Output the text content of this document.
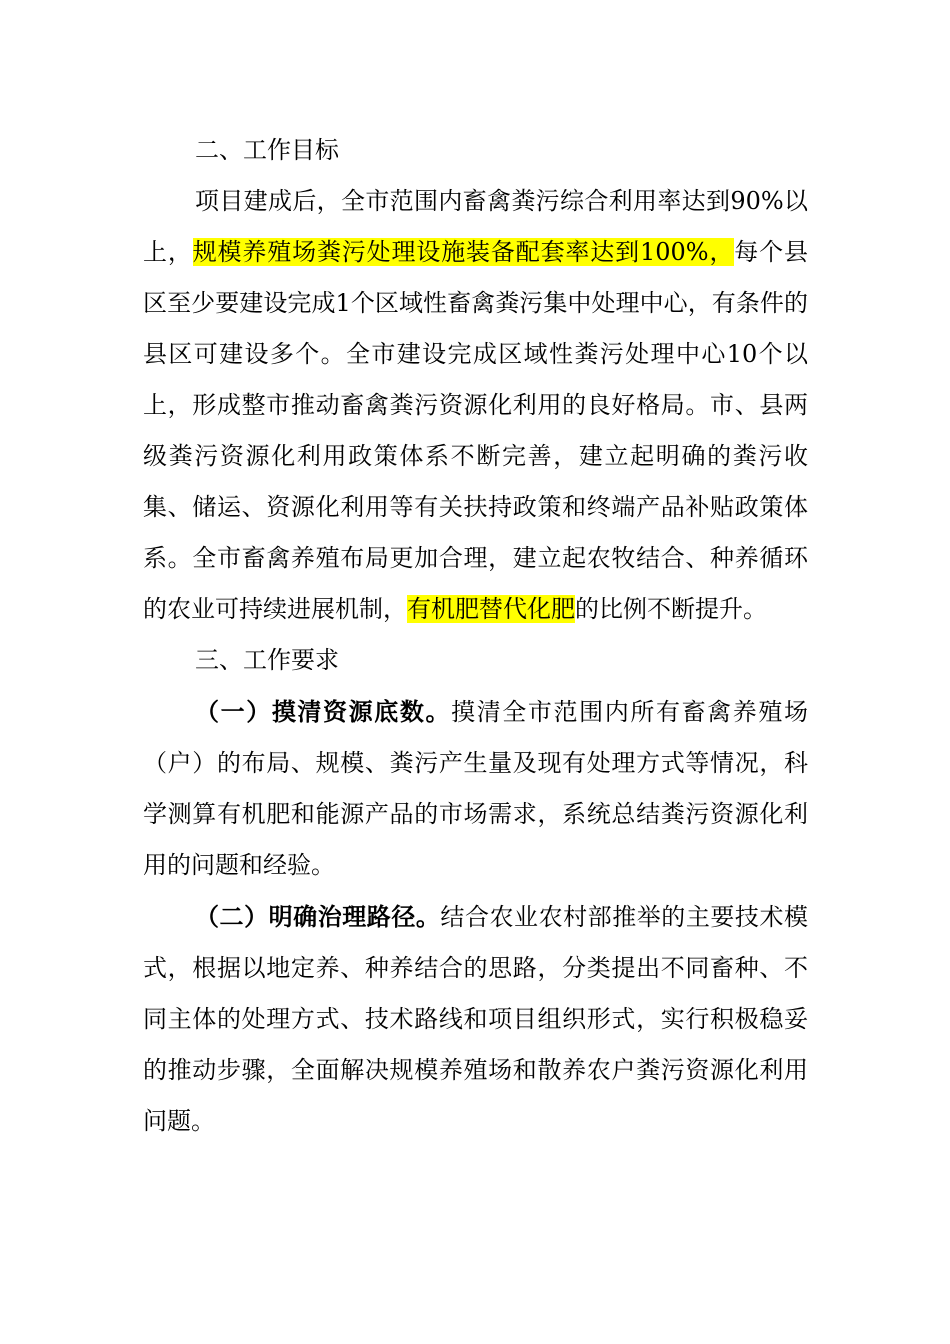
二、工作目标

项目建成后，全市范围内畜禽粪污综合利用率达到90%以上，规模养殖场粪污处理设施装备配套率达到100%，每个县区至少要建设完成1个区域性畜禽粪污集中处理中心，有条件的县区可建设多个。全市建设完成区域性粪污处理中心10个以上，形成整市推动畜禽粪污资源化利用的良好格局。市、县两级粪污资源化利用政策体系不断完善，建立起明确的粪污收集、储运、资源化利用等有关扶持政策和终端产品补贴政策体系。全市畜禽养殖布局更加合理，建立起农牧结合、种养循环的农业可持续进展机制，有机肥替代化肥的比例不断提升。

三、工作要求

（一）摸清资源底数。摸清全市范围内所有畜禽养殖场（户）的布局、规模、粪污产生量及现有处理方式等情况，科学测算有机肥和能源产品的市场需求，系统总结粪污资源化利用的问题和经验。

（二）明确治理路径。结合农业农村部推举的主要技术模式，根据以地定养、种养结合的思路，分类提出不同畜种、不同主体的处理方式、技术路线和项目组织形式，实行积极稳妥的推动步骤，全面解决规模养殖场和散养农户粪污资源化利用问题。
